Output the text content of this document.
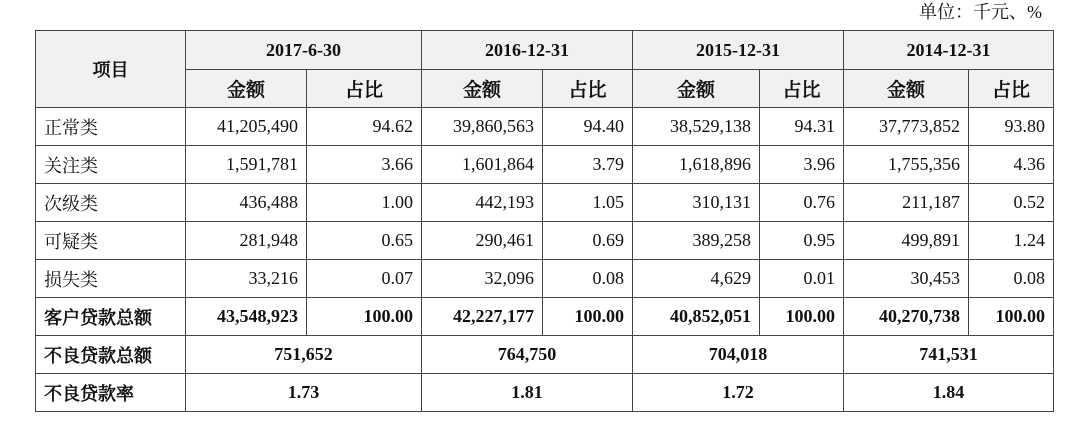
单位：千元、%
项目	2017-6-30		2016-12-31		2015-12-31		2014-12-31	
	金额	占比	金额	占比	金额	占比	金额	占比
正常类	41,205,490	94.62	39,860,563	94.40	38,529,138	94.31	37,773,852	93.80
关注类	1,591,781	3.66	1,601,864	3.79	1,618,896	3.96	1,755,356	4.36
次级类	436,488	1.00	442,193	1.05	310,131	0.76	211,187	0.52
可疑类	281,948	0.65	290,461	0.69	389,258	0.95	499,891	1.24
损失类	33,216	0.07	32,096	0.08	4,629	0.01	30,453	0.08
客户贷款总额	43,548,923	100.00	42,227,177	100.00	40,852,051	100.00	40,270,738	100.00
不良贷款总额	751,652		764,750		704,018		741,531	
不良贷款率	1.73		1.81		1.72		1.84	
